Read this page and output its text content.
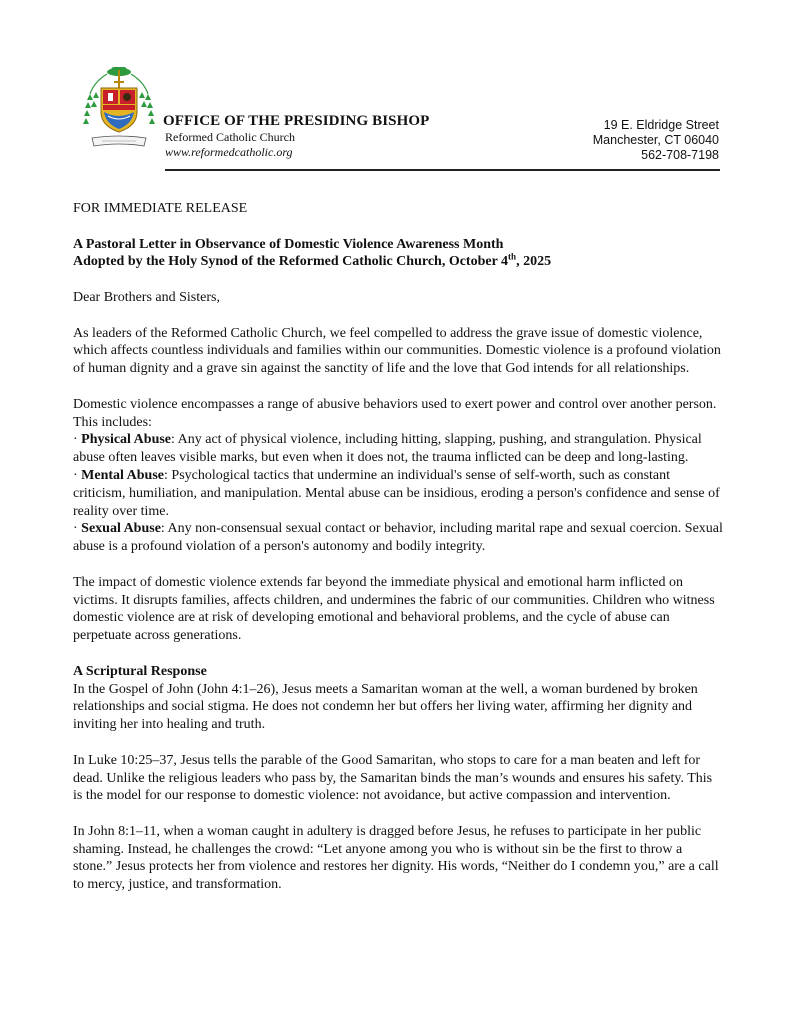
OFFICE OF THE PRESIDING BISHOP
Reformed Catholic Church
www.reformedcatholic.org
19 E. Eldridge Street
Manchester, CT 06040
562-708-7198

FOR IMMEDIATE RELEASE

A Pastoral Letter in Observance of Domestic Violence Awareness Month
Adopted by the Holy Synod of the Reformed Catholic Church, October 4th, 2025

Dear Brothers and Sisters,

As leaders of the Reformed Catholic Church, we feel compelled to address the grave issue of domestic violence, which affects countless individuals and families within our communities. Domestic violence is a profound violation of human dignity and a grave sin against the sanctity of life and the love that God intends for all relationships.

Domestic violence encompasses a range of abusive behaviors used to exert power and control over another person. This includes:

· Physical Abuse: Any act of physical violence, including hitting, slapping, pushing, and strangulation. Physical abuse often leaves visible marks, but even when it does not, the trauma inflicted can be deep and long-lasting.
· Mental Abuse: Psychological tactics that undermine an individual's sense of self-worth, such as constant criticism, humiliation, and manipulation. Mental abuse can be insidious, eroding a person's confidence and sense of reality over time.
· Sexual Abuse: Any non-consensual sexual contact or behavior, including marital rape and sexual coercion. Sexual abuse is a profound violation of a person's autonomy and bodily integrity.

The impact of domestic violence extends far beyond the immediate physical and emotional harm inflicted on victims. It disrupts families, affects children, and undermines the fabric of our communities. Children who witness domestic violence are at risk of developing emotional and behavioral problems, and the cycle of abuse can perpetuate across generations.

A Scriptural Response

In the Gospel of John (John 4:1–26), Jesus meets a Samaritan woman at the well, a woman burdened by broken relationships and social stigma. He does not condemn her but offers her living water, affirming her dignity and inviting her into healing and truth.

In Luke 10:25–37, Jesus tells the parable of the Good Samaritan, who stops to care for a man beaten and left for dead. Unlike the religious leaders who pass by, the Samaritan binds the man’s wounds and ensures his safety. This is the model for our response to domestic violence: not avoidance, but active compassion and intervention.

In John 8:1–11, when a woman caught in adultery is dragged before Jesus, he refuses to participate in her public shaming. Instead, he challenges the crowd: “Let anyone among you who is without sin be the first to throw a stone.” Jesus protects her from violence and restores her dignity. His words, “Neither do I condemn you,” are a call to mercy, justice, and transformation.
